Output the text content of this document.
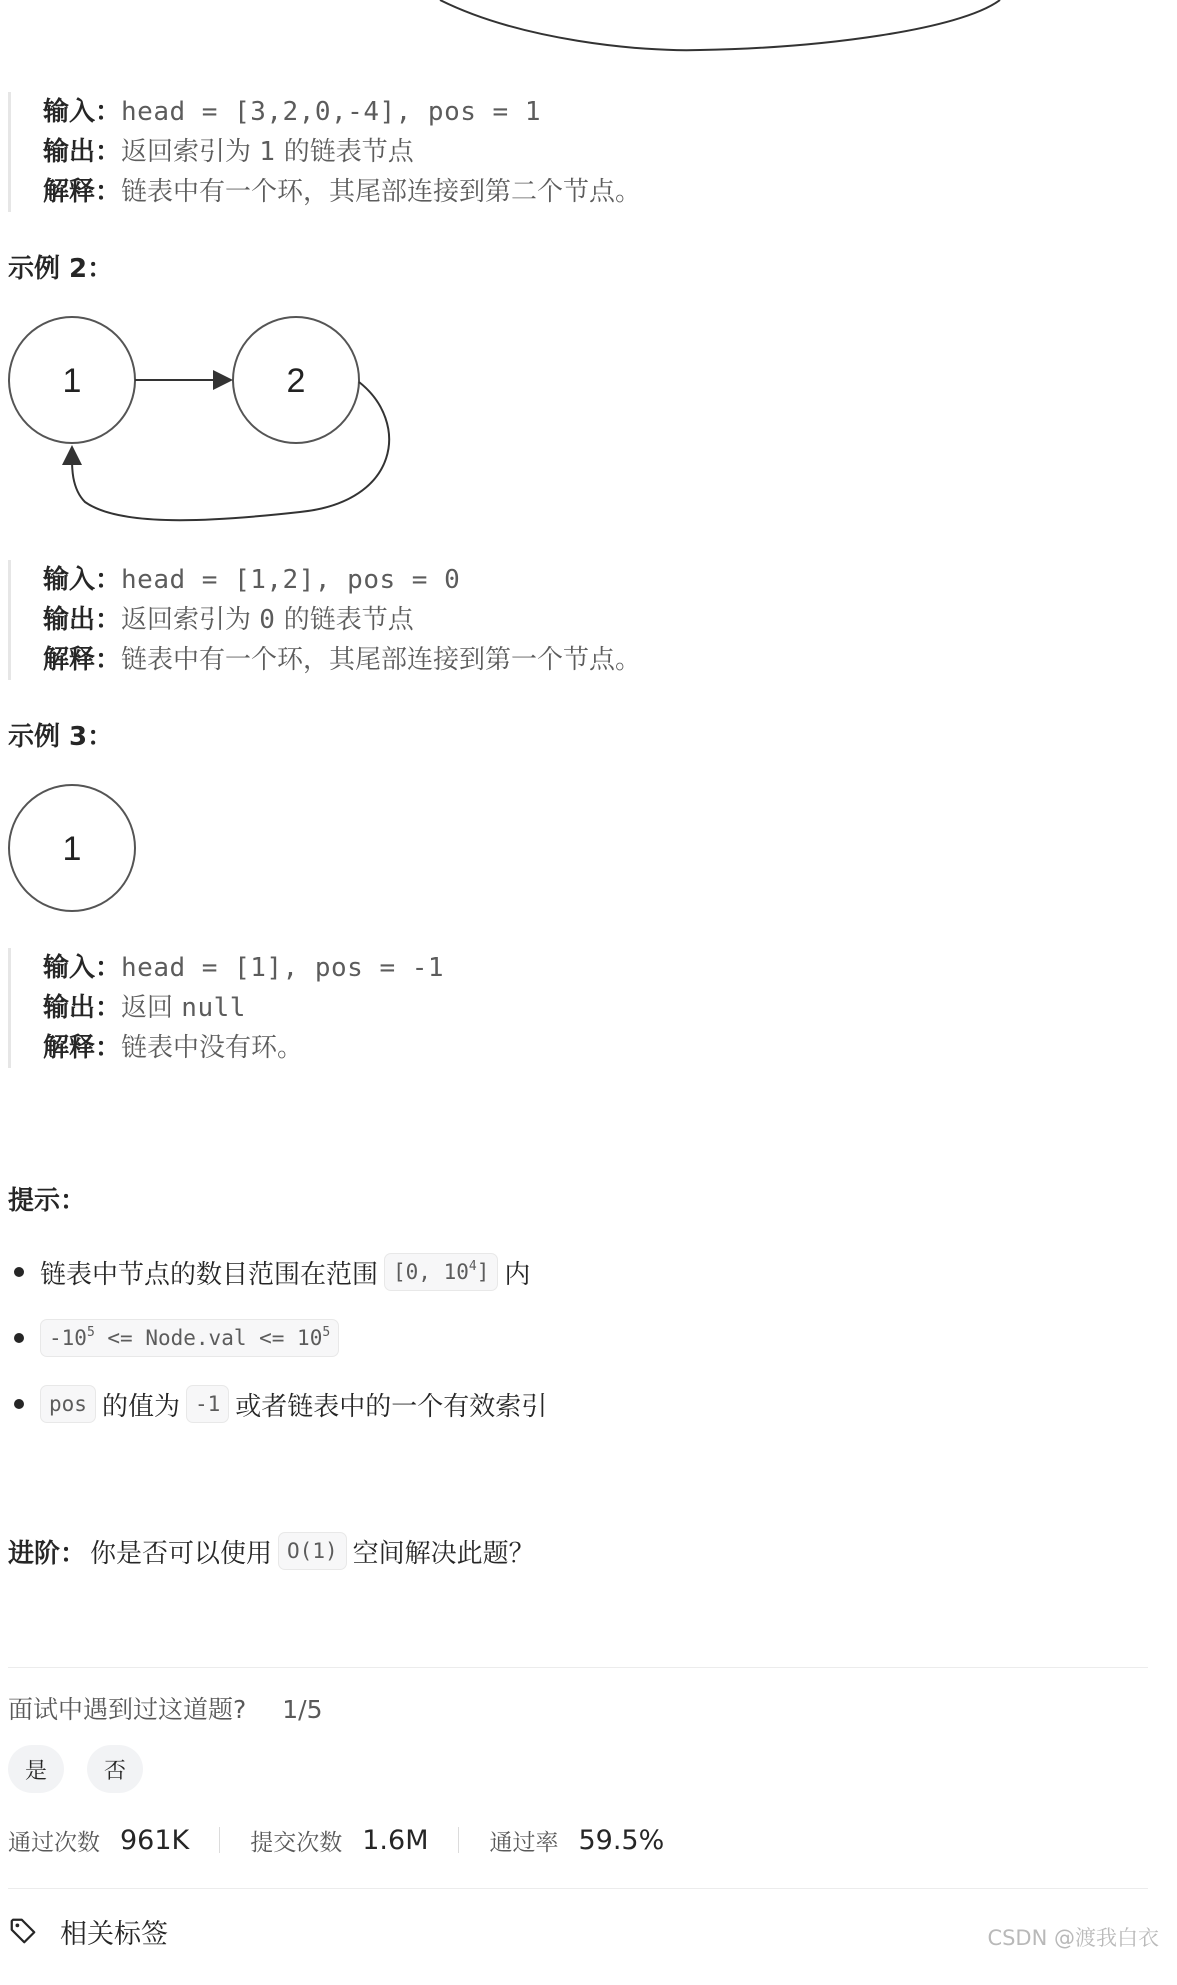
输入：head = [3,2,0,-4], pos = 1
输出：返回索引为 1 的链表节点
解释：链表中有一个环，其尾部连接到第二个节点。
示例 2：
1	2
输入：head = [1,2], pos = 0
输出：返回索引为 0 的链表节点
解释：链表中有一个环，其尾部连接到第一个节点。
示例 3：
1
输入：head = [1], pos = -1
输出：返回 null
解释：链表中没有环。
提示：
链表中节点的数目范围在范围 [0, $10^4$] 内
$-10^5$ <= Node.val <= $10^5$
pos 的值为 -1 或者链表中的一个有效索引
进阶： 你是否可以使用 O(1) 空间解决此题？
面试中遇到过这道题? 1/5
是	否
通过次数 961K	提交次数 1.6M	通过率 59.5%
相关标签	CSDN @渡我白衣
